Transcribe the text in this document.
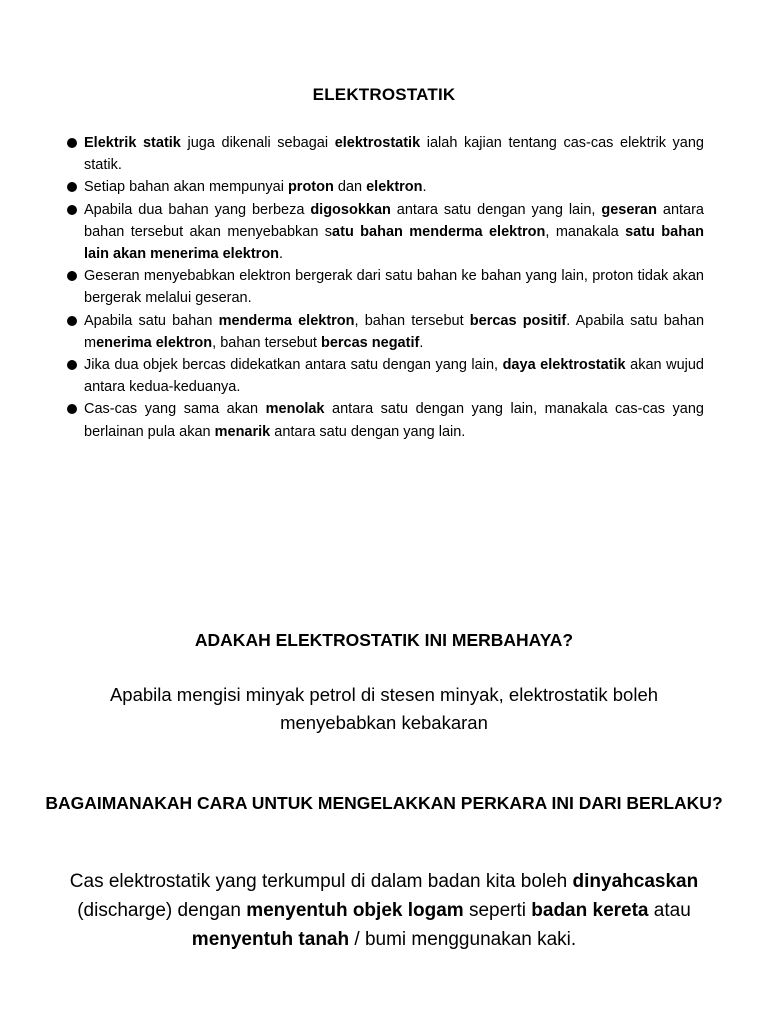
ELEKTROSTATIK
Elektrik statik juga dikenali sebagai elektrostatik ialah kajian tentang cas-cas elektrik yang statik.
Setiap bahan akan mempunyai proton dan elektron.
Apabila dua bahan yang berbeza digosokkan antara satu dengan yang lain, geseran antara bahan tersebut akan menyebabkan satu bahan menderma elektron, manakala satu bahan lain akan menerima elektron.
Geseran menyebabkan elektron bergerak dari satu bahan ke bahan yang lain, proton tidak akan bergerak melalui geseran.
Apabila satu bahan menderma elektron, bahan tersebut bercas positif. Apabila satu bahan menerima elektron, bahan tersebut bercas negatif.
Jika dua objek bercas didekatkan antara satu dengan yang lain, daya elektrostatik akan wujud antara kedua-keduanya.
Cas-cas yang sama akan menolak antara satu dengan yang lain, manakala cas-cas yang berlainan pula akan menarik antara satu dengan yang lain.
ADAKAH ELEKTROSTATIK INI MERBAHAYA?
Apabila mengisi minyak petrol di stesen minyak, elektrostatik boleh menyebabkan kebakaran
BAGAIMANAKAH CARA UNTUK MENGELAKKAN PERKARA INI DARI BERLAKU?
Cas elektrostatik yang terkumpul di dalam badan kita boleh dinyahcaskan (discharge) dengan menyentuh objek logam seperti badan kereta atau menyentuh tanah / bumi menggunakan kaki.
